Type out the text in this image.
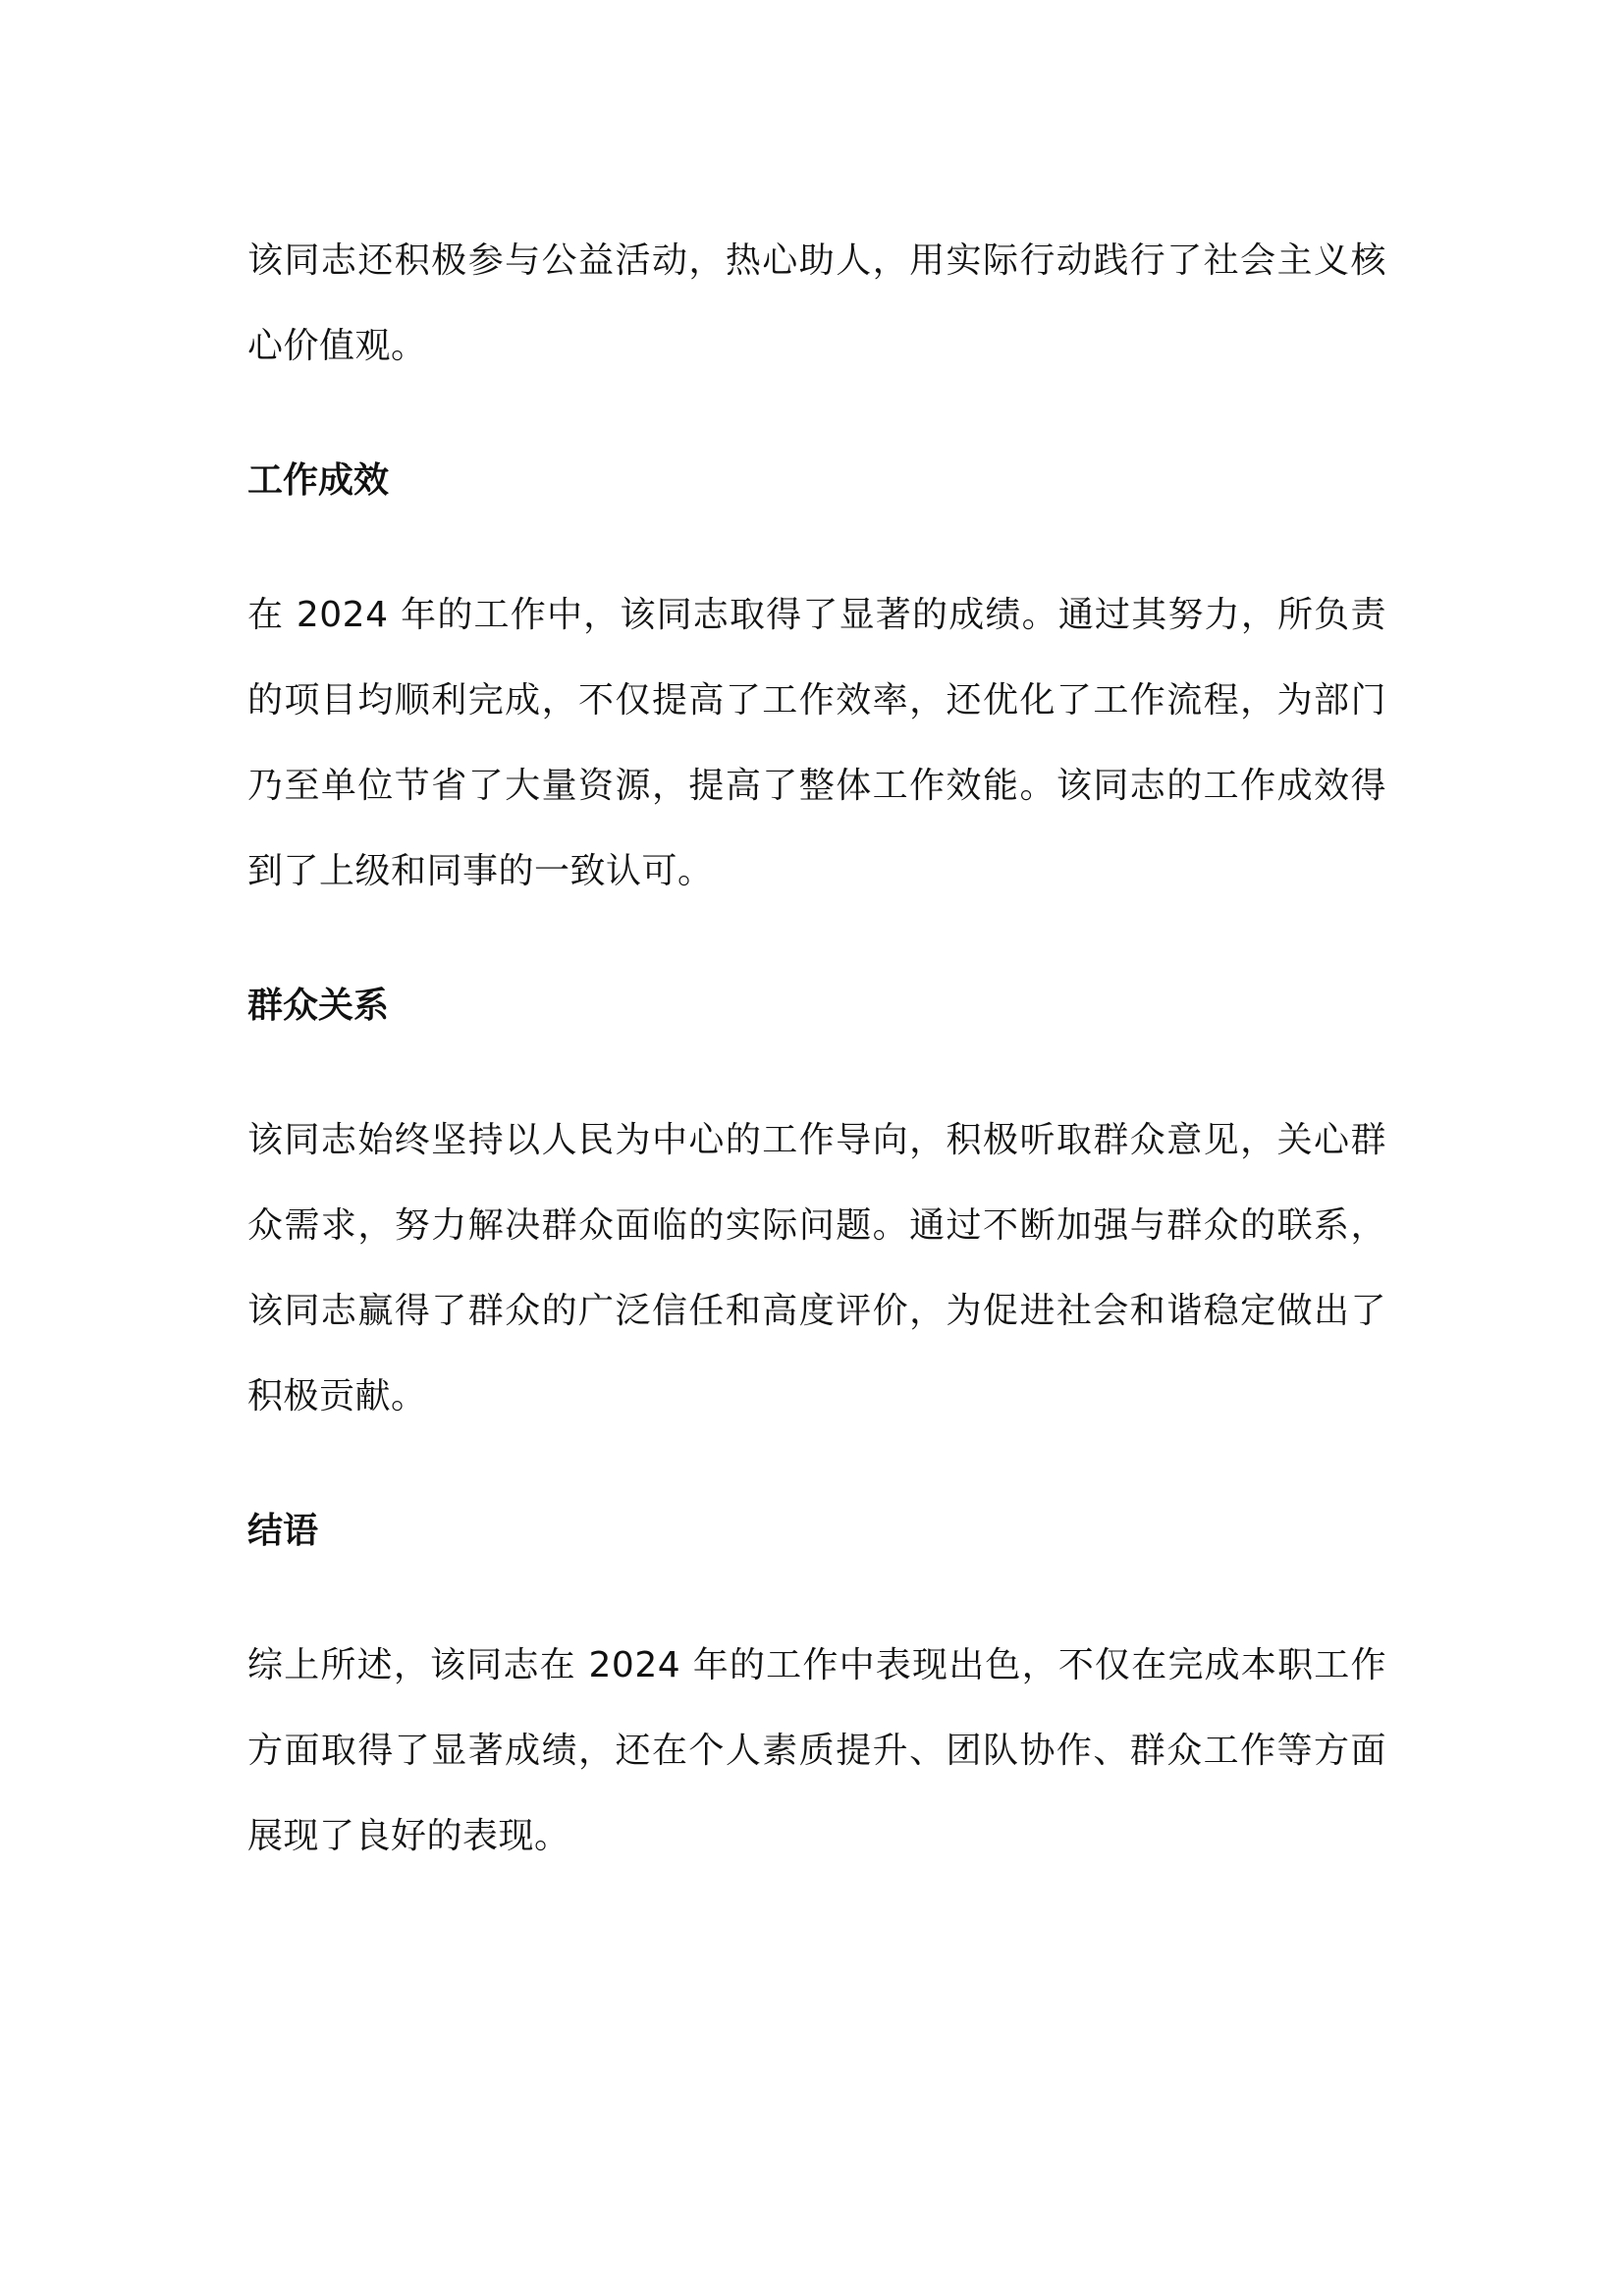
该同志还积极参与公益活动，热心助人，用实际行动践行了社会主义核心价值观。

工作成效

在 2024 年的工作中，该同志取得了显著的成绩。通过其努力，所负责的项目均顺利完成，不仅提高了工作效率，还优化了工作流程，为部门乃至单位节省了大量资源，提高了整体工作效能。该同志的工作成效得到了上级和同事的一致认可。

群众关系

该同志始终坚持以人民为中心的工作导向，积极听取群众意见，关心群众需求，努力解决群众面临的实际问题。通过不断加强与群众的联系，该同志赢得了群众的广泛信任和高度评价，为促进社会和谐稳定做出了积极贡献。

结语

综上所述，该同志在 2024 年的工作中表现出色，不仅在完成本职工作方面取得了显著成绩，还在个人素质提升、团队协作、群众工作等方面展现了良好的表现。
